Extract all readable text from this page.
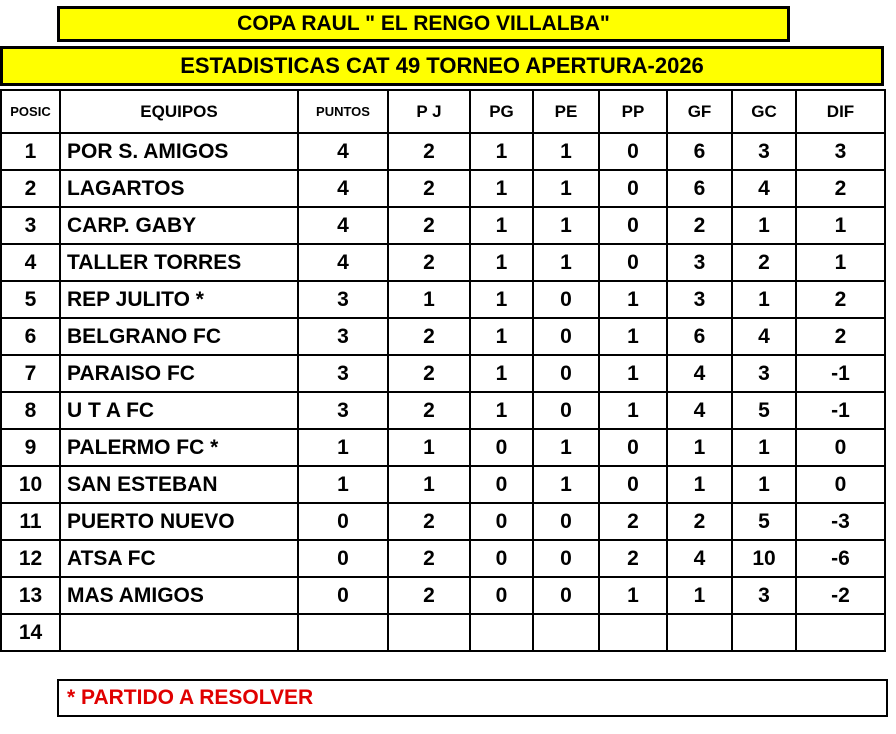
COPA RAUL " EL RENGO VILLALBA"
ESTADISTICAS CAT 49 TORNEO APERTURA-2026
POSIC	EQUIPOS	PUNTOS	P J	PG	PE	PP	GF	GC	DIF
1	POR S. AMIGOS	4	2	1	1	0	6	3	3
2	LAGARTOS	4	2	1	1	0	6	4	2
3	CARP. GABY	4	2	1	1	0	2	1	1
4	TALLER TORRES	4	2	1	1	0	3	2	1
5	REP JULITO *	3	1	1	0	1	3	1	2
6	BELGRANO FC	3	2	1	0	1	6	4	2
7	PARAISO FC	3	2	1	0	1	4	3	-1
8	U T A FC	3	2	1	0	1	4	5	-1
9	PALERMO FC *	1	1	0	1	0	1	1	0
10	SAN ESTEBAN	1	1	0	1	0	1	1	0
11	PUERTO NUEVO	0	2	0	0	2	2	5	-3
12	ATSA FC	0	2	0	0	2	4	10	-6
13	MAS AMIGOS	0	2	0	0	1	1	3	-2
14									
* PARTIDO A RESOLVER
